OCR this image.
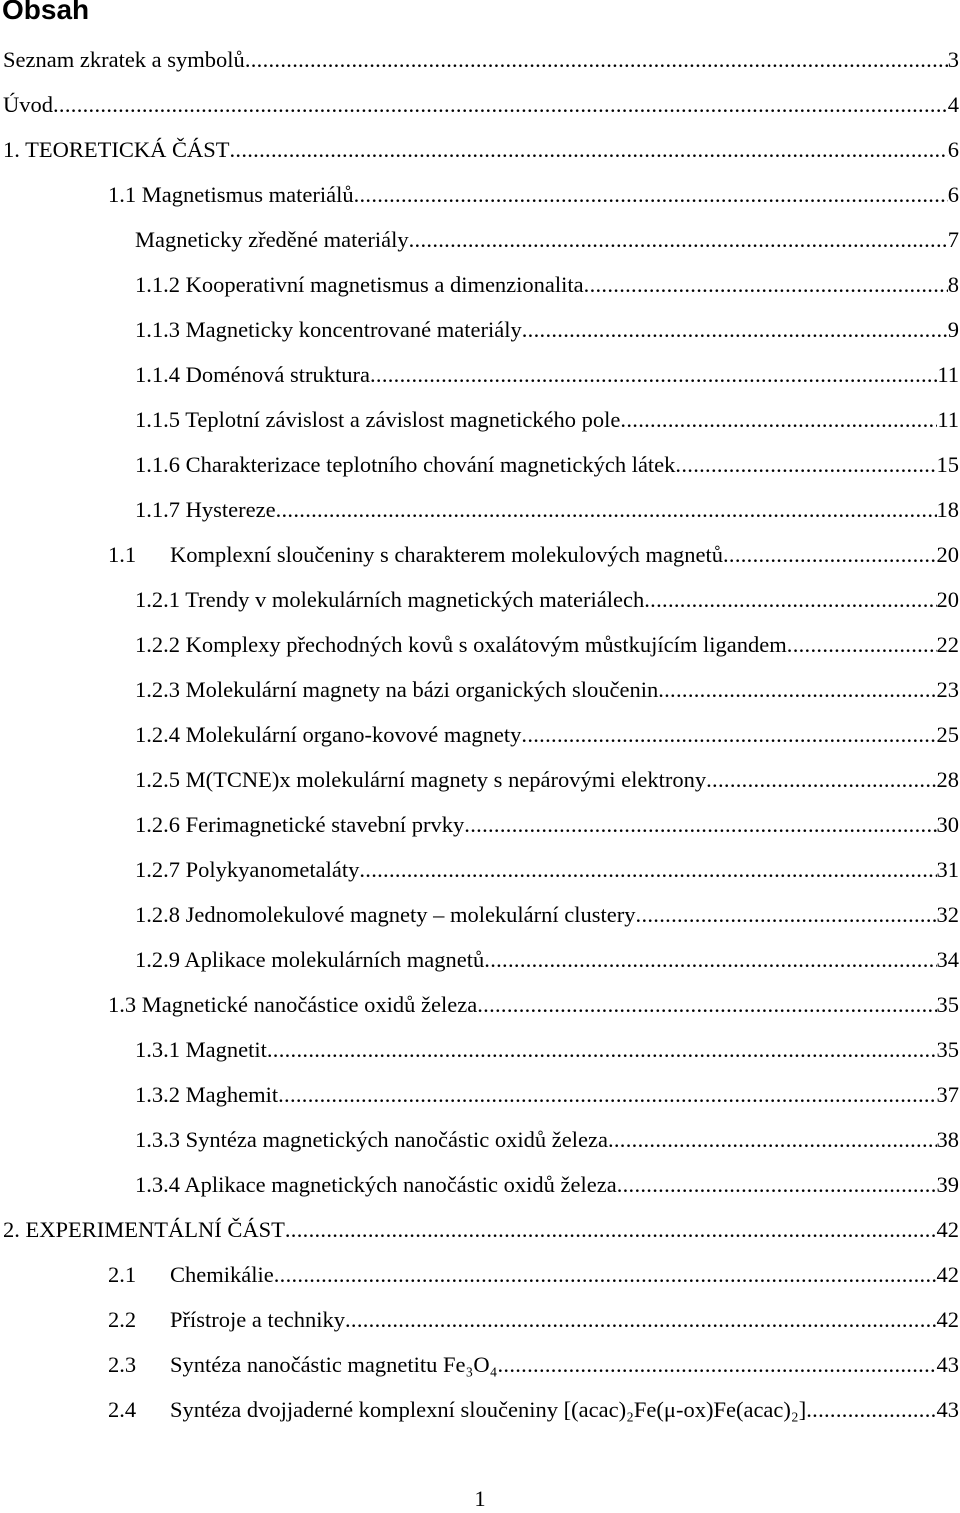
Obsah
Seznam zkratek a symbolů .....	3
Úvod .....	4
1. TEORETICKÁ ČÁST .....	6
1.1 Magnetismus materiálů .....	6
Magneticky zředěné materiály .....	7
1.1.2 Kooperativní magnetismus a dimenzionalita .....	8
1.1.3 Magneticky koncentrované materiály .....	9
1.1.4 Doménová struktura .....	11
1.1.5 Teplotní závislost a závislost magnetického pole .....	11
1.1.6 Charakterizace teplotního chování magnetických látek .....	15
1.1.7 Hystereze .....	18
1.1	Komplexní sloučeniny s charakterem molekulových magnetů .....	20
1.2.1 Trendy v molekulárních magnetických materiálech .....	20
1.2.2 Komplexy přechodných kovů s oxalátovým můstkujícím ligandem .....	22
1.2.3 Molekulární magnety na bázi organických sloučenin .....	23
1.2.4 Molekulární organo-kovové magnety .....	25
1.2.5 M(TCNE)x molekulární magnety s nepárovými elektrony .....	28
1.2.6 Ferimagnetické stavební prvky .....	30
1.2.7 Polykyanometaláty .....	31
1.2.8 Jednomolekulové magnety – molekulární clustery .....	32
1.2.9 Aplikace molekulárních magnetů .....	34
1.3 Magnetické nanočástice oxidů železa .....	35
1.3.1 Magnetit .....	35
1.3.2 Maghemit .....	37
1.3.3 Syntéza magnetických nanočástic oxidů železa .....	38
1.3.4 Aplikace magnetických nanočástic oxidů železa .....	39
2. EXPERIMENTÁLNÍ ČÁST .....	42
2.1	Chemikálie .....	42
2.2	Přístroje a techniky .....	42
2.3	Syntéza nanočástic magnetitu Fe₃O₄ .....	43
2.4	Syntéza dvojjaderné komplexní sloučeniny [(acac)₂Fe(μ-ox)Fe(acac)₂] .....	43
1
